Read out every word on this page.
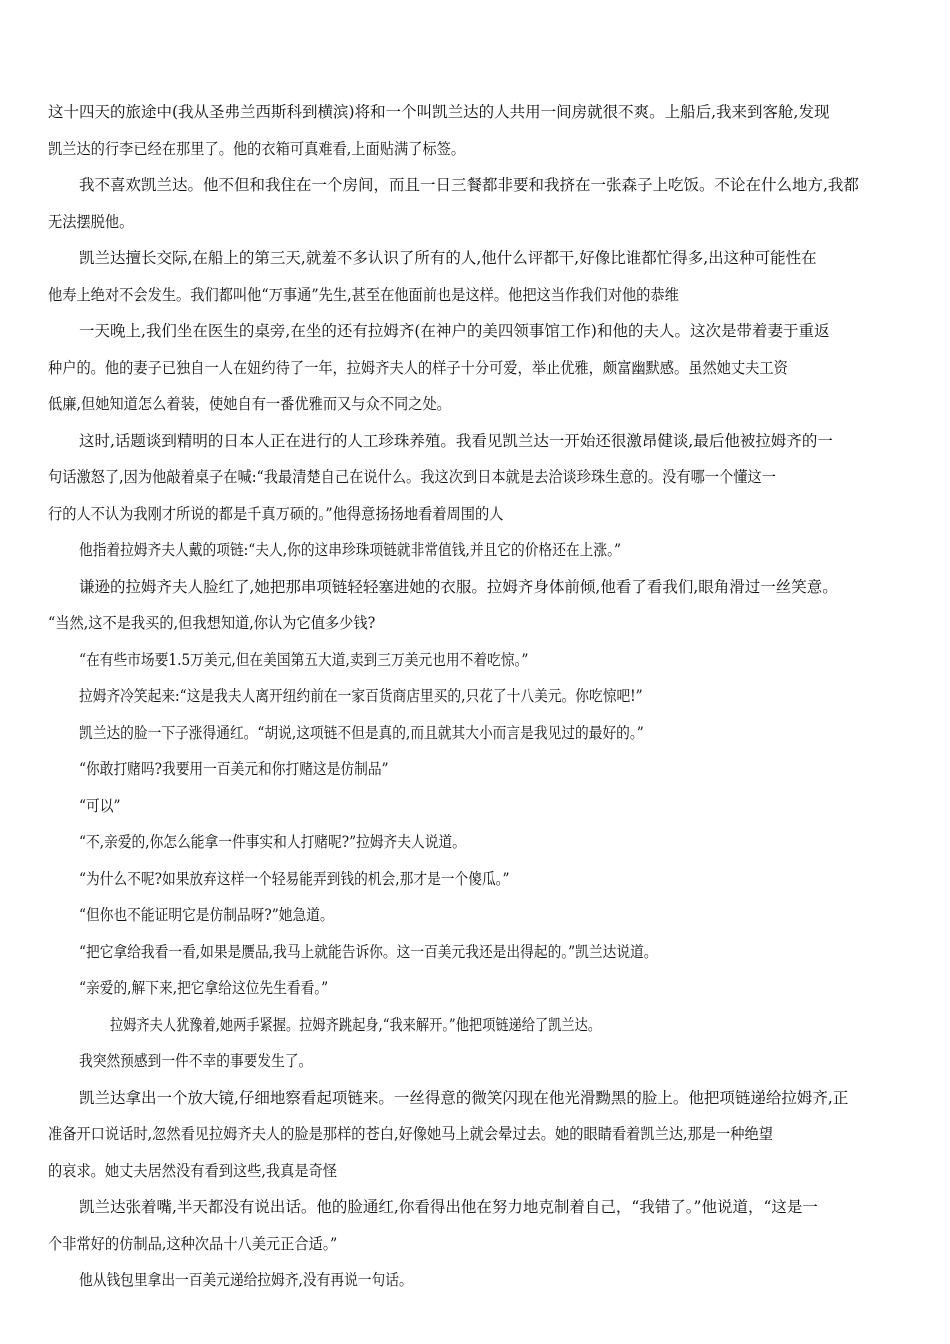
这十四天的旅途中(我从圣弗兰西斯科到横滨)将和一个叫凯兰达的人共用一间房就很不爽。上船后,我来到客舱,发现

凯兰达的行李已经在那里了。他的衣箱可真难看,上面贴满了标签。

我不喜欢凯兰达。他不但和我住在一个房间，而且一日三餐都非要和我挤在一张森子上吃饭。不论在什么地方,我都

无法摆脱他。

凯兰达擅长交际,在船上的第三天,就羞不多认识了所有的人,他什么评都干,好像比谁都忙得多,出这种可能性在

他寿上绝对不会发生。我们都叫他“万事通”先生,甚至在他面前也是这样。他把这当作我们对他的恭维

一天晚上,我们坐在医生的桌旁,在坐的还有拉姆齐(在神户的美四领事馆工作)和他的夫人。这次是带着妻于重返

种户的。他的妻子已独自一人在妞约待了一年，拉姆齐夫人的样子十分可爱，举止优雅，颇富幽默感。虽然她丈夫工资

低廉,但她知道怎么着装，使她自有一番优雅而又与众不同之处。

这时,话题谈到精明的日本人正在进行的人工珍珠养殖。我看见凯兰达一开始还很激昂健谈,最后他被拉姆齐的一

句话激怒了,因为他敲着桌子在喊:“我最清楚自己在说什么。我这次到日本就是去洽谈珍珠生意的。没有哪一个懂这一

行的人不认为我刚才所说的都是千真万硕的。”他得意扬扬地看着周围的人

他指着拉姆齐夫人戴的项链:“夫人,你的这串珍珠项链就非常值钱,并且它的价格还在上涨。”

谦逊的拉姆齐夫人脸红了,她把那串项链轻轻塞进她的衣服。拉姆齐身体前倾,他看了看我们,眼角滑过一丝笑意。

“当然,这不是我买的,但我想知道,你认为它值多少钱?

“在有些市场要1.5万美元,但在美国第五大道,卖到三万美元也用不着吃惊。”

拉姆齐冷笑起来:“这是我夫人离开纽约前在一家百货商店里买的,只花了十八美元。你吃惊吧!”

凯兰达的脸一下子涨得通红。“胡说,这项链不但是真的,而且就其大小而言是我见过的最好的。”

“你敢打赌吗?我要用一百美元和你打赌这是仿制品”

“可以”

“不,亲爱的,你怎么能拿一件事实和人打赌呢?”拉姆齐夫人说道。

“为什么不呢?如果放弃这样一个轻易能弄到钱的机会,那才是一个傻瓜。”

“但你也不能证明它是仿制品呀?”她急道。

“把它拿给我看一看,如果是赝品,我马上就能告诉你。这一百美元我还是出得起的。”凯兰达说道。

“亲爱的,解下来,把它拿给这位先生看看。”

拉姆齐夫人犹豫着,她两手紧握。拉姆齐跳起身,“我来解开。”他把项链递给了凯兰达。

我突然预感到一件不幸的事要发生了。

凯兰达拿出一个放大镜,仔细地察看起项链来。一丝得意的微笑闪现在他光滑黝黑的脸上。他把项链递给拉姆齐,正

准备开口说话时,忽然看见拉姆齐夫人的脸是那样的苍白,好像她马上就会晕过去。她的眼睛看着凯兰达,那是一种绝望

的哀求。她丈夫居然没有看到这些,我真是奇怪

凯兰达张着嘴,半天都没有说出话。他的脸通红,你看得出他在努力地克制着自己，“我错了。”他说道，“这是一

个非常好的仿制品,这种次品十八美元正合适。”

他从钱包里拿出一百美元递给拉姆齐,没有再说一句话。
